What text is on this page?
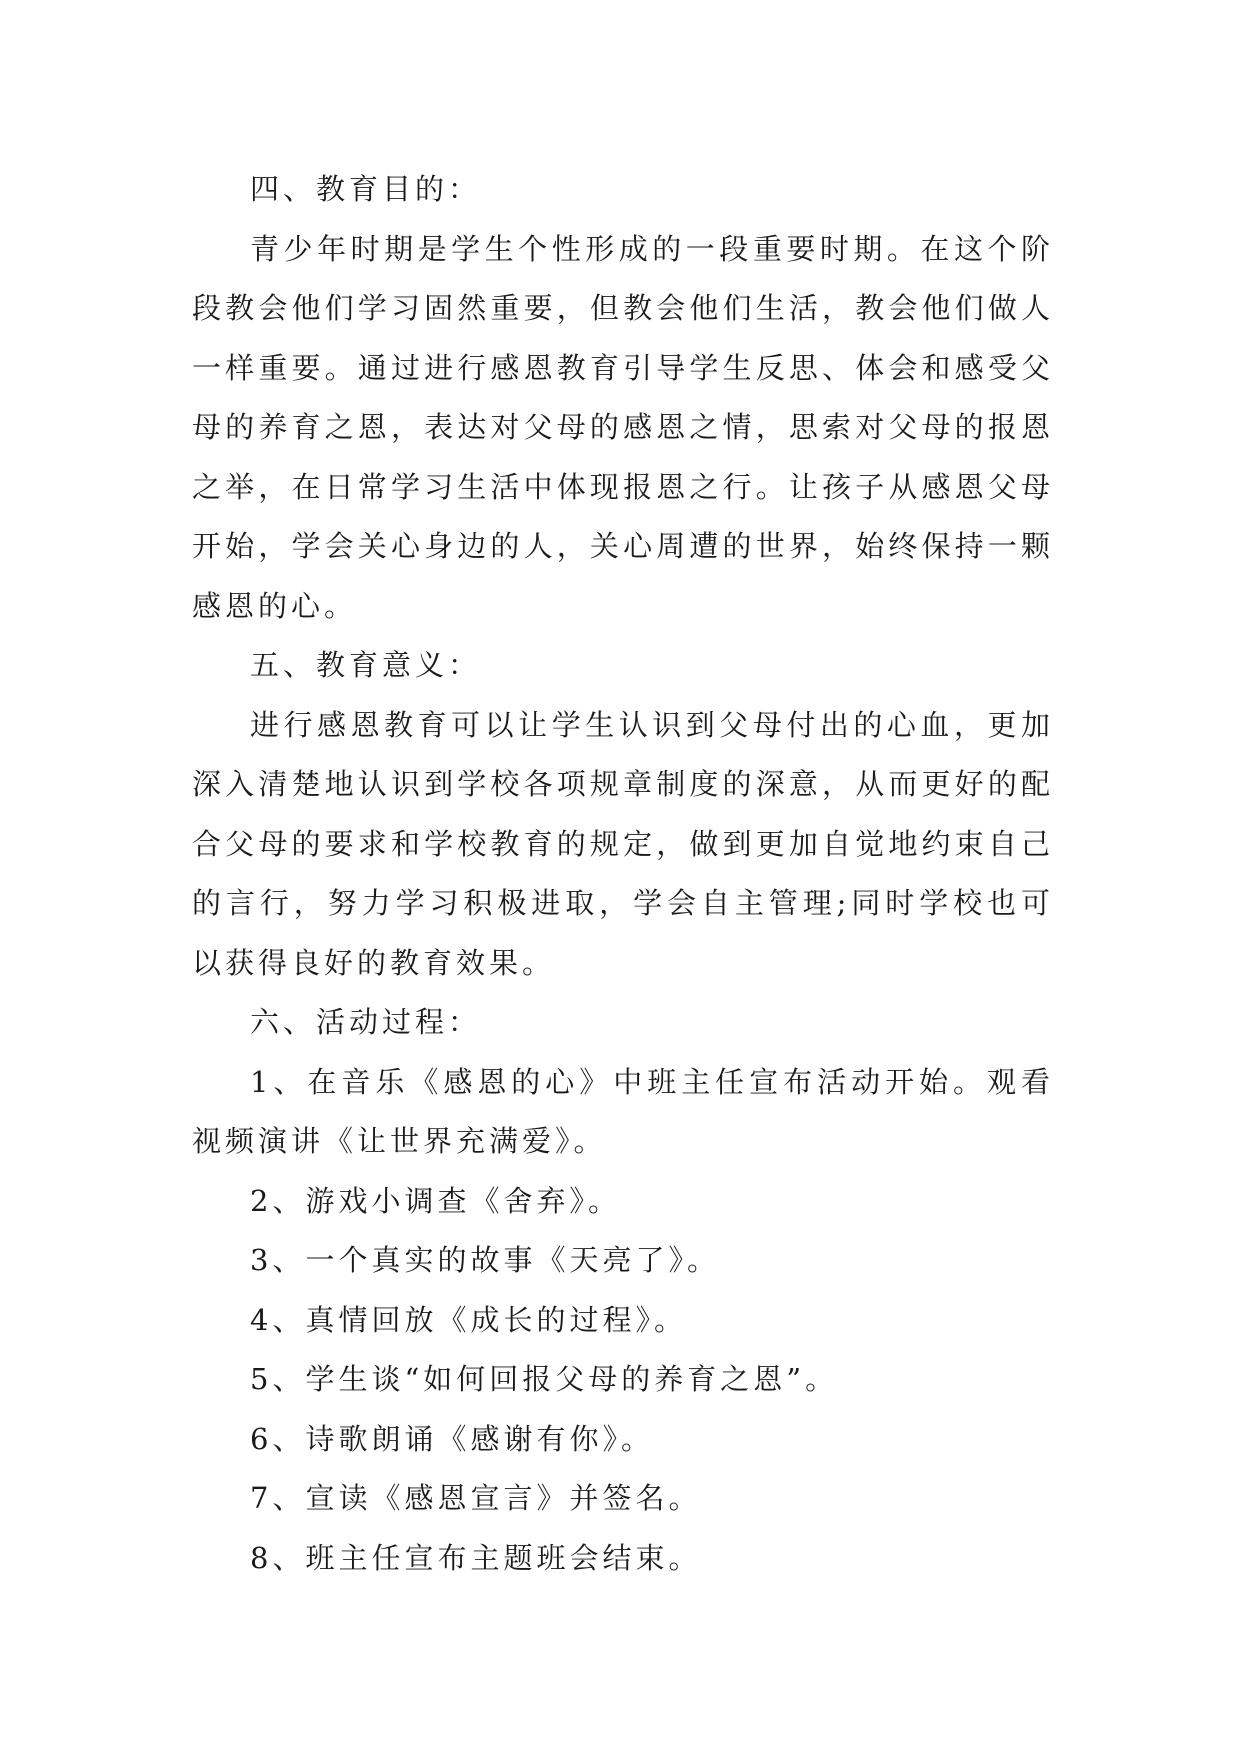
四、教育目的：

青少年时期是学生个性形成的一段重要时期。在这个阶段教会他们学习固然重要，但教会他们生活，教会他们做人一样重要。通过进行感恩教育引导学生反思、体会和感受父母的养育之恩，表达对父母的感恩之情，思索对父母的报恩之举，在日常学习生活中体现报恩之行。让孩子从感恩父母开始，学会关心身边的人，关心周遭的世界，始终保持一颗感恩的心。

五、教育意义：

进行感恩教育可以让学生认识到父母付出的心血，更加深入清楚地认识到学校各项规章制度的深意，从而更好的配合父母的要求和学校教育的规定，做到更加自觉地约束自己的言行，努力学习积极进取，学会自主管理;同时学校也可以获得良好的教育效果。

六、活动过程：

1、在音乐《感恩的心》中班主任宣布活动开始。观看视频演讲《让世界充满爱》。

2、游戏小调查《舍弃》。

3、一个真实的故事《天亮了》。

4、真情回放《成长的过程》。

5、学生谈“如何回报父母的养育之恩”。

6、诗歌朗诵《感谢有你》。

7、宣读《感恩宣言》并签名。

8、班主任宣布主题班会结束。
